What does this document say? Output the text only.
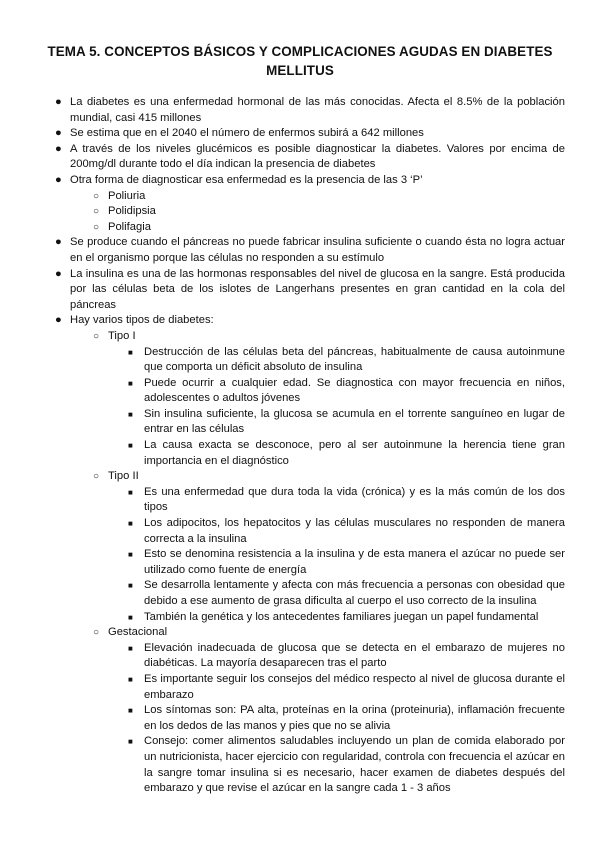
TEMA 5. CONCEPTOS BÁSICOS Y COMPLICACIONES AGUDAS EN DIABETES MELLITUS
● La diabetes es una enfermedad hormonal de las más conocidas. Afecta el 8.5% de la población mundial, casi 415 millones
● Se estima que en el 2040 el número de enfermos subirá a 642 millones
● A través de los niveles glucémicos es posible diagnosticar la diabetes. Valores por encima de 200mg/dl durante todo el día indican la presencia de diabetes
● Otra forma de diagnosticar esa enfermedad es la presencia de las 3 ‘P’
○ Poliuria
○ Polidipsia
○ Polifagia
● Se produce cuando el páncreas no puede fabricar insulina suficiente o cuando ésta no logra actuar en el organismo porque las células no responden a su estímulo
● La insulina es una de las hormonas responsables del nivel de glucosa en la sangre. Está producida por las células beta de los islotes de Langerhans presentes en gran cantidad en la cola del páncreas
● Hay varios tipos de diabetes:
○ Tipo I
■ Destrucción de las células beta del páncreas, habitualmente de causa autoinmune que comporta un déficit absoluto de insulina
■ Puede ocurrir a cualquier edad. Se diagnostica con mayor frecuencia en niños, adolescentes o adultos jóvenes
■ Sin insulina suficiente, la glucosa se acumula en el torrente sanguíneo en lugar de entrar en las células
■ La causa exacta se desconoce, pero al ser autoinmune la herencia tiene gran importancia en el diagnóstico
○ Tipo II
■ Es una enfermedad que dura toda la vida (crónica) y es la más común de los dos tipos
■ Los adipocitos, los hepatocitos y las células musculares no responden de manera correcta a la insulina
■ Esto se denomina resistencia a la insulina y de esta manera el azúcar no puede ser utilizado como fuente de energía
■ Se desarrolla lentamente y afecta con más frecuencia a personas con obesidad que debido a ese aumento de grasa dificulta al cuerpo el uso correcto de la insulina
■ También la genética y los antecedentes familiares juegan un papel fundamental
○ Gestacional
■ Elevación inadecuada de glucosa que se detecta en el embarazo de mujeres no diabéticas. La mayoría desaparecen tras el parto
■ Es importante seguir los consejos del médico respecto al nivel de glucosa durante el embarazo
■ Los síntomas son: PA alta, proteínas en la orina (proteinuria), inflamación frecuente en los dedos de las manos y pies que no se alivia
■ Consejo: comer alimentos saludables incluyendo un plan de comida elaborado por un nutricionista, hacer ejercicio con regularidad, controla con frecuencia el azúcar en la sangre tomar insulina si es necesario, hacer examen de diabetes después del embarazo y que revise el azúcar en la sangre cada 1 - 3 años
